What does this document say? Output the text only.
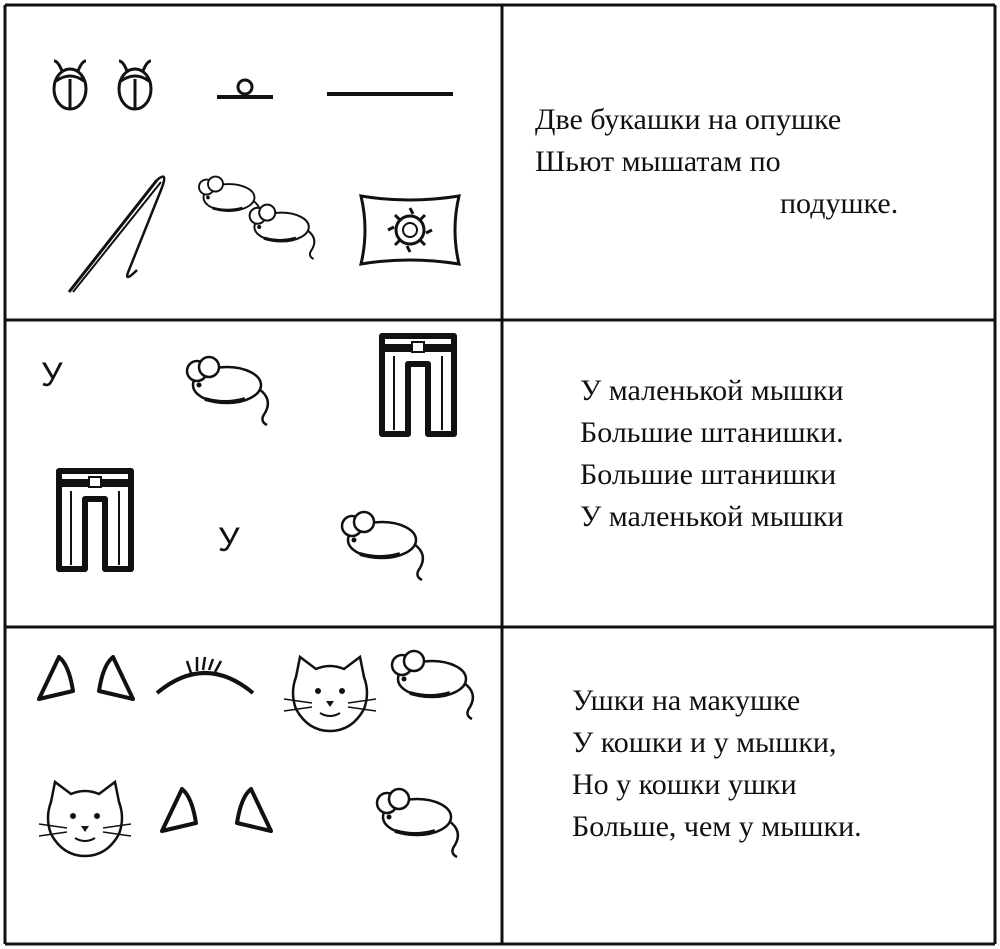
Две букашки на опушке
Шьют мышатам по
подушке.
У
У
У маленькой мышки
Большие штанишки.
Большие штанишки
У маленькой мышки
Ушки на макушке
У кошки и у мышки,
Но у кошки ушки
Больше, чем у мышки.
